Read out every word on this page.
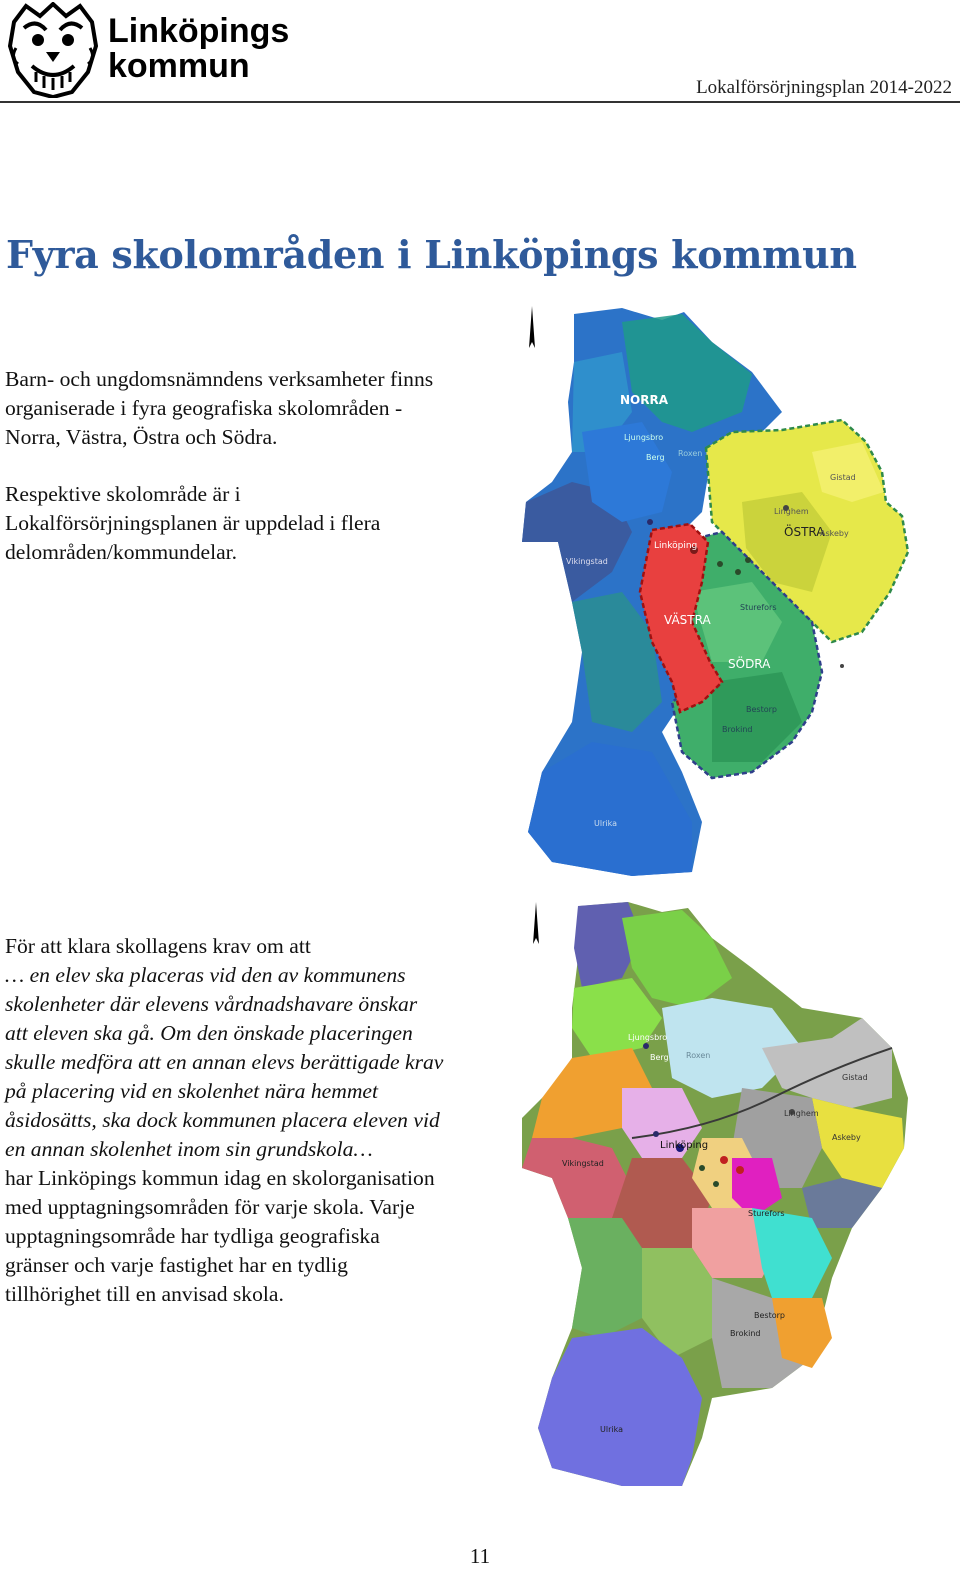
Linköpings
kommun
Lokalförsörjningsplan 2014-2022
Fyra skolområden i Linköpings kommun

Barn- och ungdomsnämndens verksamheter finns organiserade i fyra geografiska skolområden - Norra, Västra, Östra och Södra.

Respektive skolområde är i Lokalförsörjningsplanen är uppdelad i flera delområden/kommundelar.

För att klara skollagens krav om att

… en elev ska placeras vid den av kommunens skolenheter där elevens vårdnadshavare önskar att eleven ska gå. Om den önskade placeringen skulle medföra att en annan elevs berättigade krav på placering vid en skolenhet nära hemmet åsidosätts, ska dock kommunen placera eleven vid en annan skolenhet inom sin grundskola…

har Linköpings kommun idag en skolorganisation med upptagningsområden för varje skola. Varje upptagningsområde har tydliga geografiska gränser och varje fastighet har en tydlig tillhörighet till en anvisad skola.

NORRA
ÖSTRA
VÄSTRA
SÖDRA
Ljungsbro
Berg Roxen
Gistad
Linghem
Askeby
Linköping
Vikingstad
Sturefors
Bestorp
Brokind
Ulrika
Ljungsbro
Berg Roxen
Gistad
Linghem
Askeby
Linköping
Vikingstad
Sturefors
Bestorp
Brokind
Ulrika
11
